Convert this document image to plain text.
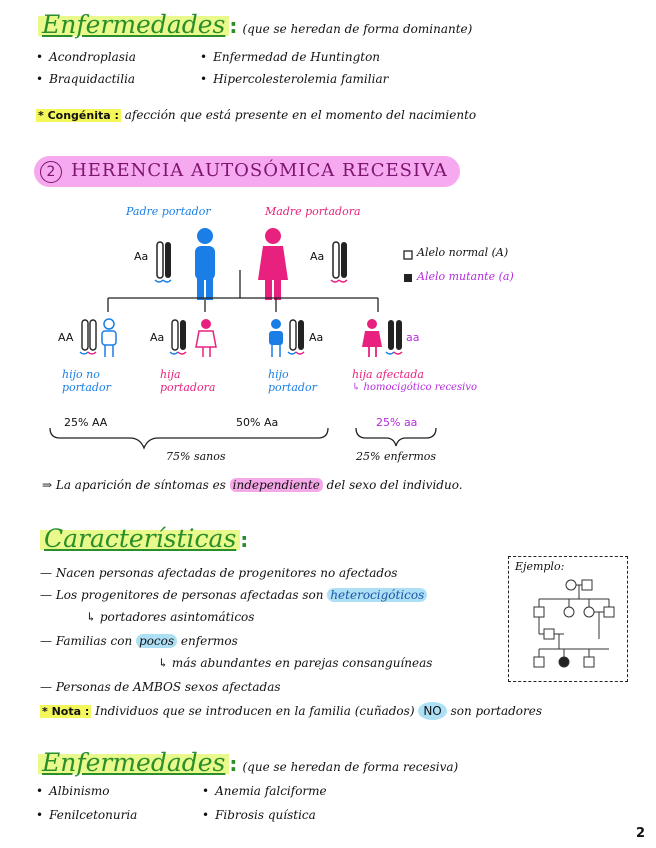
Enfermedades : (que se heredan de forma dominante)
• Acondroplasia
• Braquidactilia
• Enfermedad de Huntington
• Hipercolesterolemia familiar
* Congénita : afección que está presente en el momento del nacimiento
2 HERENCIA AUTOSÓMICA RECESIVA
Padre portador	Madre portadora
Aa	Aa	Alelo normal (A)
Alelo mutante (a)
AA	Aa	Aa	aa
hijo no
portador
hija
portadora
hijo
portador
hija afectada
↳ homocigótico recesivo
25% AA	50% Aa	25% aa
75% sanos	25% enfermos
⇒ La aparición de síntomas es independiente del sexo del individuo.
Características :
— Nacen personas afectadas de progenitores no afectados
— Los progenitores de personas afectadas son heterocigóticos
↳ portadores asintomáticos
— Familias con pocos enfermos
↳ más abundantes en parejas consanguíneas
— Personas de AMBOS sexos afectadas
* Nota : Individuos que se introducen en la familia (cuñados) NO son portadores
Ejemplo:
Enfermedades : (que se heredan de forma recesiva)
• Albinismo
• Fenilcetonuria
• Anemia falciforme
• Fibrosis quística
2
